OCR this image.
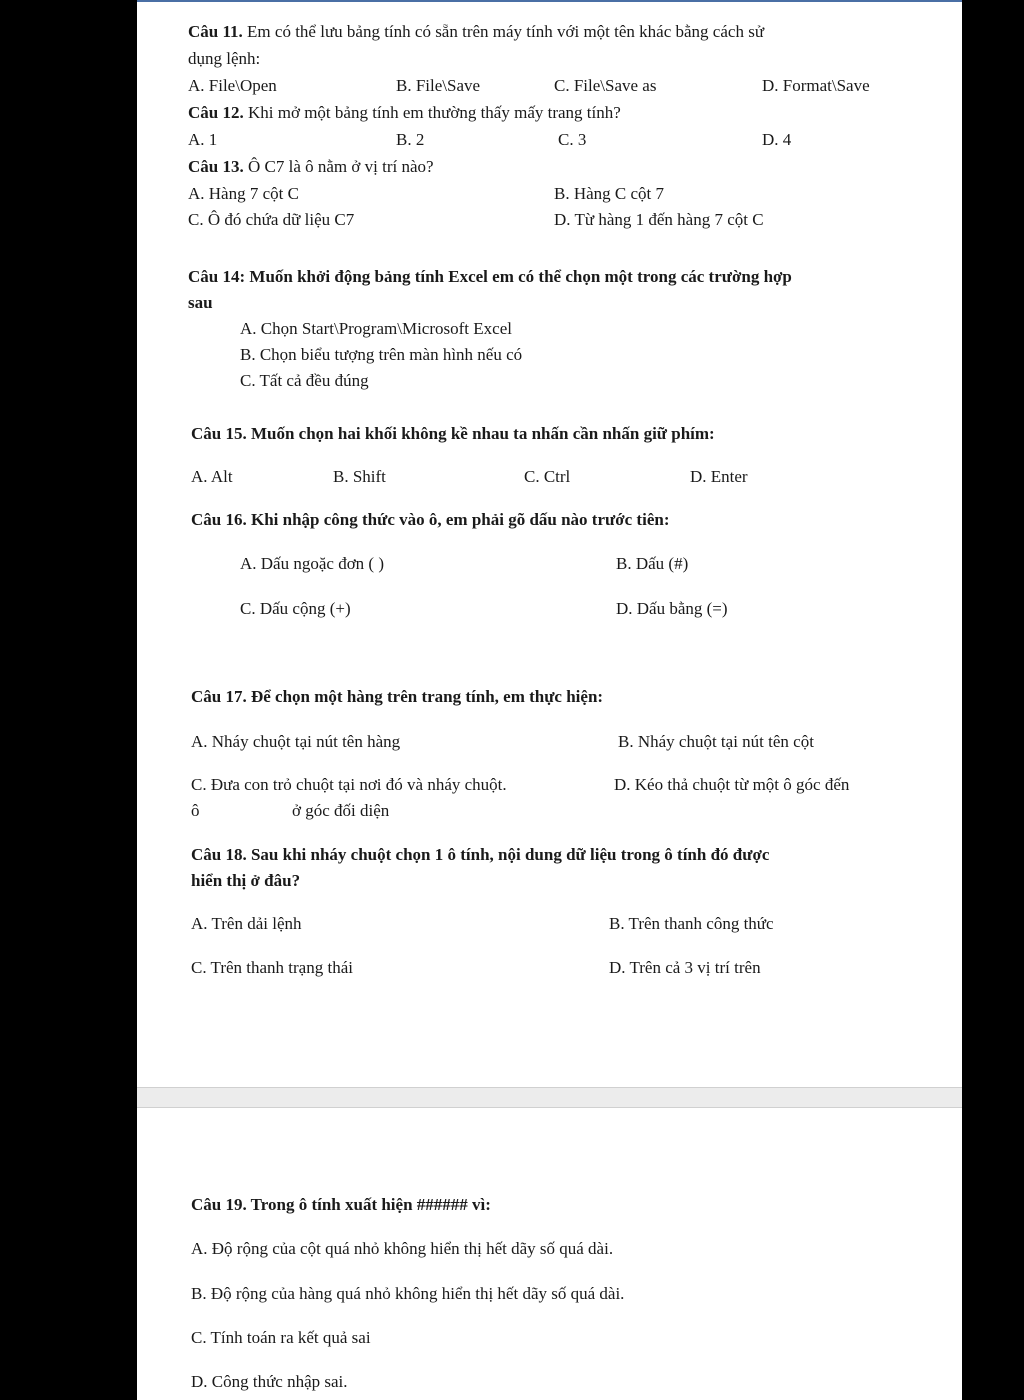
Câu 11. Em có thể lưu bảng tính có sẵn trên máy tính với một tên khác bằng cách sử
dụng lệnh:
A. File\Open	B. File\Save	C. File\Save as	D. Format\Save
Câu 12. Khi mở một bảng tính em thường thấy mấy trang tính?
A. 1	B. 2	C. 3	D. 4
Câu 13. Ô C7 là ô nằm ở vị trí nào?
A. Hàng 7 cột C	B. Hàng C cột 7
C. Ô đó chứa dữ liệu C7	D. Từ hàng 1 đến hàng 7 cột C
Câu 14: Muốn khởi động bảng tính Excel em có thể chọn một trong các trường hợp
sau
A. Chọn Start\Program\Microsoft Excel
B. Chọn biểu tượng trên màn hình nếu có
C. Tất cả đều đúng
Câu 15. Muốn chọn hai khối không kề nhau ta nhấn cần nhấn giữ phím:
A. Alt	B. Shift	C. Ctrl	D. Enter
Câu 16. Khi nhập công thức vào ô, em phải gõ dấu nào trước tiên:
A. Dấu ngoặc đơn ( )	B. Dấu (#)
C. Dấu cộng (+)	D. Dấu bằng (=)
Câu 17. Để chọn một hàng trên trang tính, em thực hiện:
A. Nháy chuột tại nút tên hàng	B. Nháy chuột tại nút tên cột
C. Đưa con trỏ chuột tại nơi đó và nháy chuột.	D. Kéo thả chuột từ một ô góc đến
ô	ở góc đối diện
Câu 18. Sau khi nháy chuột chọn 1 ô tính, nội dung dữ liệu trong ô tính đó được
hiển thị ở đâu?
A. Trên dải lệnh	B. Trên thanh công thức
C. Trên thanh trạng thái	D. Trên cả 3 vị trí trên
Câu 19. Trong ô tính xuất hiện ###### vì:
A. Độ rộng của cột quá nhỏ không hiển thị hết dãy số quá dài.
B. Độ rộng của hàng quá nhỏ không hiển thị hết dãy số quá dài.
C. Tính toán ra kết quả sai
D. Công thức nhập sai.
